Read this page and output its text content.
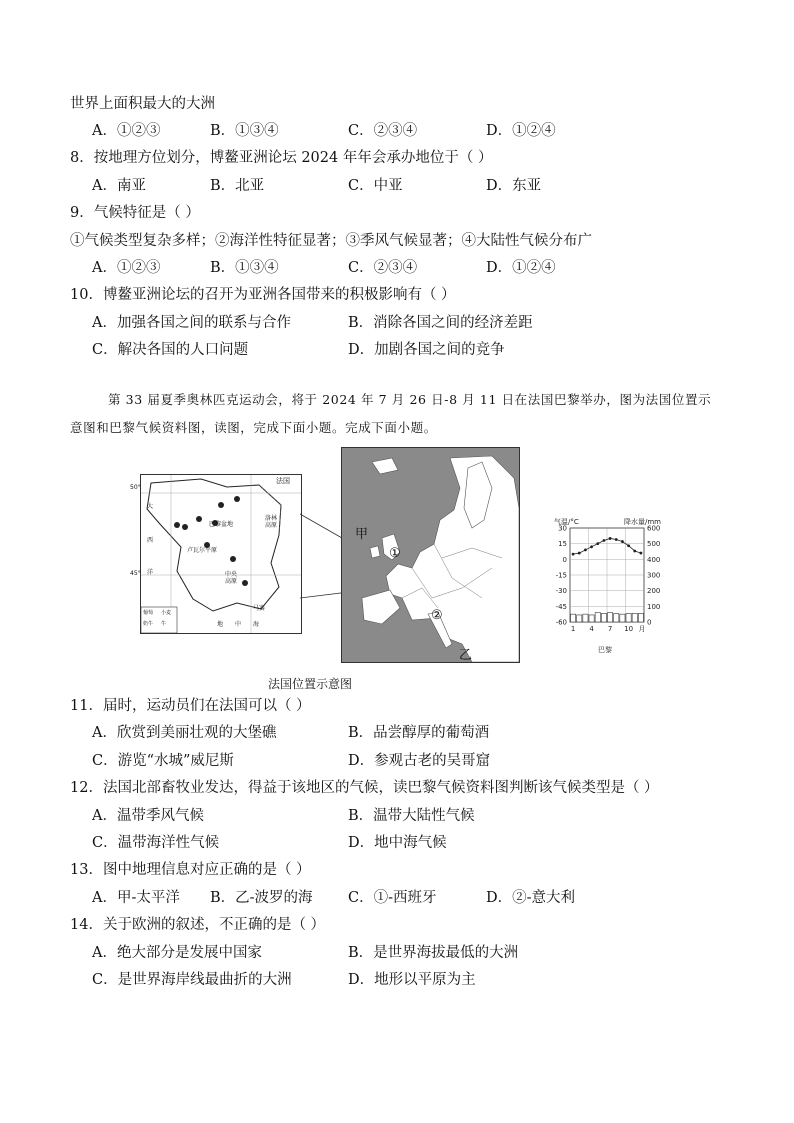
世界上面积最大的大洲
A．①②③	B．①③④	C．②③④	D．①②④
8．按地理方位划分，博鳌亚洲论坛 2024 年年会承办地位于（ ）
A．南亚	B．北亚	C．中亚	D．东亚
9．气候特征是（ ）
①气候类型复杂多样；②海洋性特征显著；③季风气候显著；④大陆性气候分布广
A．①②③	B．①③④	C．②③④	D．①②④
10．博鳌亚洲论坛的召开为亚洲各国带来的积极影响有（ ）
A．加强各国之间的联系与合作	B．消除各国之间的经济差距
C．解决各国的人口问题	D．加剧各国之间的竞争
第 33 届夏季奥林匹克运动会，将于 2024 年 7 月 26 日-8 月 11 日在法国巴黎举办，图为法国位置示
意图和巴黎气候资料图，读图，完成下面小题。完成下面小题。
法国
巴黎盆地
洛林高原
卢瓦尔平原
中央高原
马赛
大
西
洋
地 中 海
葡萄 小麦
奶牛 牛
50°
45°
甲
乙
①
②
气温/°C	降水量/mm
30
15
0
-15
-30
-45
-60
600
500
400
300
200
100
0
1 4 7 10 月
巴黎
法国位置示意图
11．届时，运动员们在法国可以（ ）
A．欣赏到美丽壮观的大堡礁	B．品尝醇厚的葡萄酒
C．游览“水城”威尼斯	D．参观古老的吴哥窟
12．法国北部畜牧业发达，得益于该地区的气候，读巴黎气候资料图判断该气候类型是（ ）
A．温带季风气候	B．温带大陆性气候
C．温带海洋性气候	D．地中海气候
13．图中地理信息对应正确的是（ ）
A．甲-太平洋 B．乙-波罗的海 C．①-西班牙	D．②-意大利
14．关于欧洲的叙述，不正确的是（ ）
A．绝大部分是发展中国家	B．是世界海拔最低的大洲
C．是世界海岸线最曲折的大洲	D．地形以平原为主
